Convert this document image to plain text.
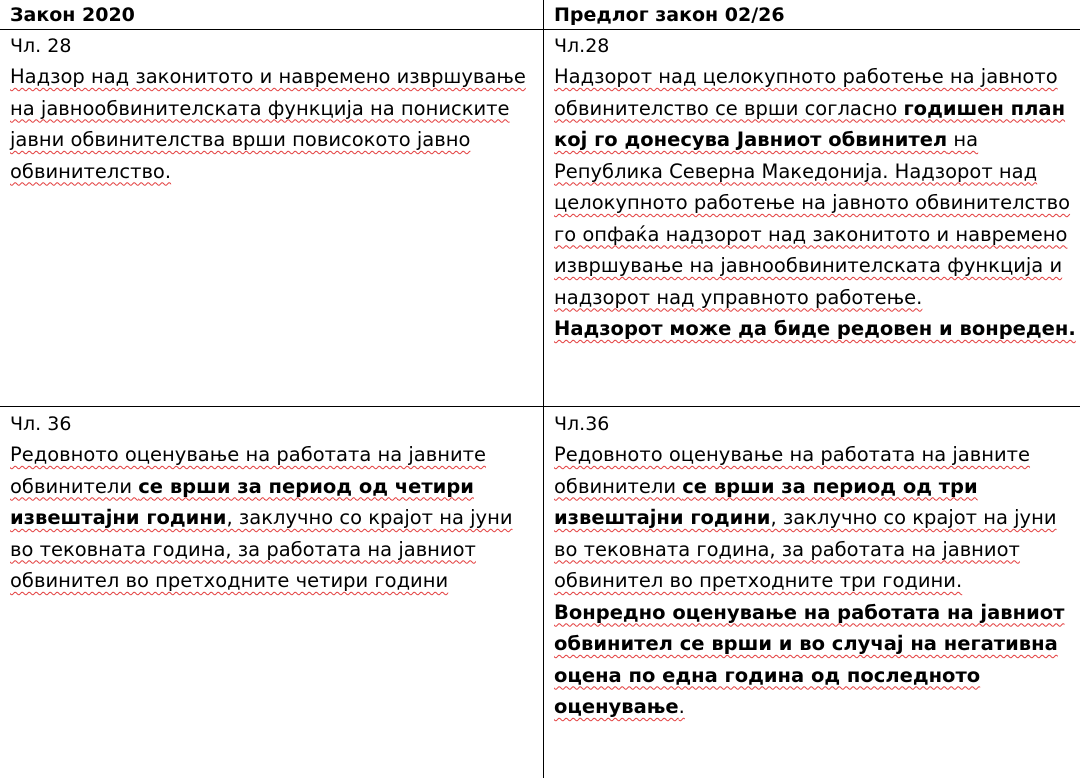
Закон 2020	Предлог закон 02/26
Чл. 28
Надзор над законитото и навремено извршување на јавнообвинителската функција на пониските јавни обвинителства врши повисокото јавно обвинителство.
Чл.28
Надзорот над целокупното работење на јавното обвинителство се врши согласно годишен план кој го донесува Јавниот обвинител на Република Северна Македонија. Надзорот над целокупното работење на јавното обвинителство го опфаќа надзорот над законитото и навремено извршување на јавнообвинителската функција и надзорот над управното работење.
Надзорот може да биде редовен и вонреден.
Чл. 36
Редовното оценување на работата на јавните обвинители се врши за период од четири извештајни години, заклучно со крајот на јуни во тековната година, за работата на јавниот обвинител во претходните четири години
Чл.36
Редовното оценување на работата на јавните обвинители се врши за период од три извештајни години, заклучно со крајот на јуни во тековната година, за работата на јавниот обвинител во претходните три години.
Вонредно оценување на работата на јавниот обвинител се врши и во случај на негативна оцена по една година од последното оценување.
